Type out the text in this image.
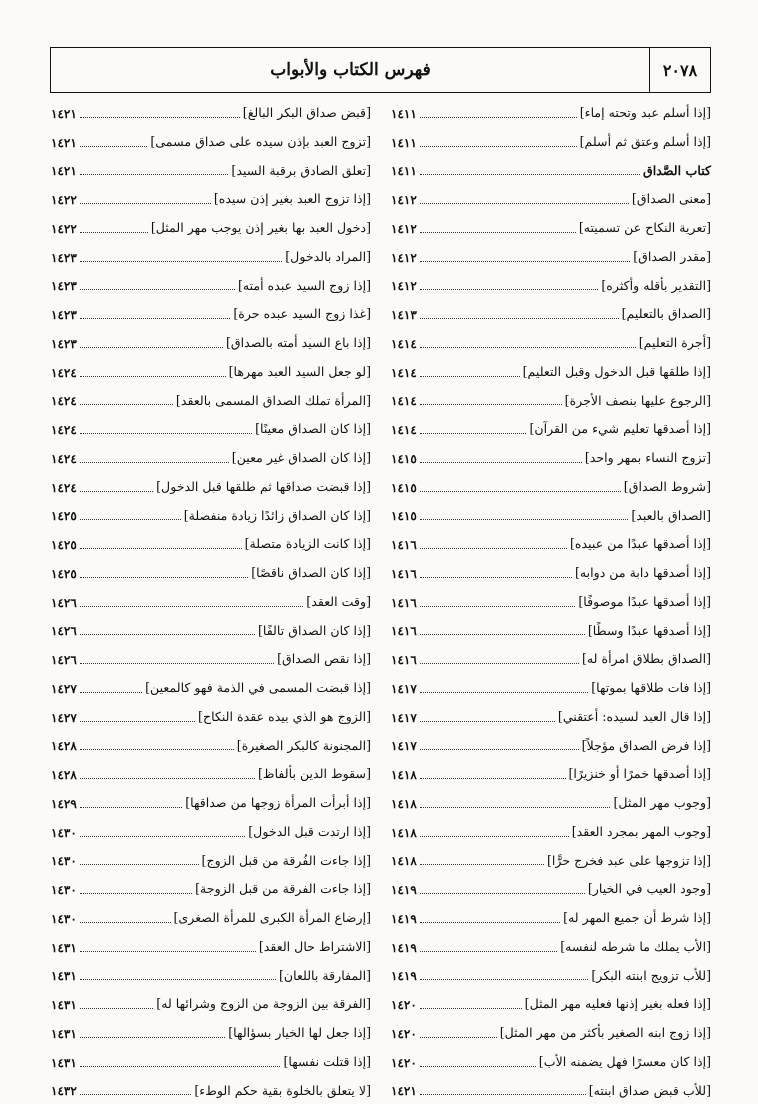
٢٠٧٨
فهرس الكتاب والأبواب
[إذا أسلم عبد وتحته إماء]
١٤١١
[إذا أسلم وعتق ثم أسلم]
١٤١١
كتاب الصَّداق
١٤١١
[معنى الصداق]
١٤١٢
[تعرية النكاح عن تسميته]
١٤١٢
[مقدر الصداق]
١٤١٢
[التقدير بأقله وأكثره]
١٤١٢
[الصداق بالتعليم]
١٤١٣
[أجرة التعليم]
١٤١٤
[إذا طلقها قبل الدخول وقبل التعليم]
١٤١٤
[الرجوع عليها بنصف الأجرة]
١٤١٤
[إذا أصدقها تعليم شيء من القرآن]
١٤١٤
[تزوج النساء بمهر واحد]
١٤١٥
[شروط الصداق]
١٤١٥
[الصداق بالعبد]
١٤١٥
[إذا أصدقها عبدًا من عبيده]
١٤١٦
[إذا أصدقها دابة من دوابه]
١٤١٦
[إذا أصدقها عبدًا موصوفًا]
١٤١٦
[إذا أصدقها عبدًا وسطًا]
١٤١٦
[الصداق بطلاق امرأة له]
١٤١٦
[إذا فات طلاقها بموتها]
١٤١٧
[إذا قال العبد لسيده: أعتقني]
١٤١٧
[إذا فرض الصداق مؤجلاً]
١٤١٧
[إذا أصدقها خمرًا أو خنزيرًا]
١٤١٨
[وجوب مهر المثل]
١٤١٨
[وجوب المهر بمجرد العقد]
١٤١٨
[إذا تزوجها على عبد فخرج حرًّا]
١٤١٨
[وجود العيب في الخيار]
١٤١٩
[إذا شرط أن جميع المهر له]
١٤١٩
[الأب يملك ما شرطه لنفسه]
١٤١٩
[للأب تزويج ابنته البكر]
١٤١٩
[إذا فعله بغير إذنها فعليه مهر المثل]
١٤٢٠
[إذا زوج ابنه الصغير بأكثر من مهر المثل]
١٤٢٠
[إذا كان معسرًا فهل يضمنه الأب]
١٤٢٠
[للأب قبض صداق ابنته]
١٤٢١
[قبض صداق البكر البالغ]
١٤٢١
[تزوج العبد بإذن سيده على صداق مسمى]
١٤٢١
[تعلق الصادق برقبة السيد]
١٤٢١
[إذا تزوج العبد بغير إذن سيده]
١٤٢٢
[دخول العبد بها بغير إذن يوجب مهر المثل]
١٤٢٢
[المراد بالدخول]
١٤٢٣
[إذا زوج السيد عبده أمته]
١٤٢٣
[غذا زوج السيد عبده حرة]
١٤٢٣
[إذا باع السيد أمته بالصداق]
١٤٢٣
[لو جعل السيد العبد مهرها]
١٤٢٤
[المرأة تملك الصداق المسمى بالعقد]
١٤٢٤
[إذا كان الصداق معينًا]
١٤٢٤
[إذا كان الصداق غير معين]
١٤٢٤
[إذا قبضت صداقها ثم طلقها قبل الدخول]
١٤٢٤
[إذا كان الصداق زائدًا زيادة منفصلة]
١٤٢٥
[إذا كانت الزيادة متصلة]
١٤٢٥
[إذا كان الصداق ناقصًا]
١٤٢٥
[وقت العقد]
١٤٢٦
[إذا كان الصداق تالفًا]
١٤٢٦
[إذا نقص الصداق]
١٤٢٦
[إذا قبضت المسمى في الذمة فهو كالمعين]
١٤٢٧
[الزوج هو الذي بيده عقدة النكاح]
١٤٢٧
[المجنونة كالبكر الصغيرة]
١٤٢٨
[سقوط الدين بألفاظ]
١٤٢٨
[إذا أبرأت المرأة زوجها من صداقها]
١٤٢٩
[إذا ارتدت قبل الدخول]
١٤٣٠
[إذا جاءت الفُرقة من قبل الزوج]
١٤٣٠
[إذا جاءت الفرقة من قبل الزوجة]
١٤٣٠
[إرضاع المرأة الكبرى للمرأة الصغرى]
١٤٣٠
[الاشتراط حال العقد]
١٤٣١
[المفارقة باللعان]
١٤٣١
[الفرقة بين الزوجة من الزوج وشرائها له]
١٤٣١
[إذا جعل لها الخيار بسؤالها]
١٤٣١
[إذا قتلت نفسها]
١٤٣١
[لا يتعلق بالخلوة بقية حكم الوطء]
١٤٣٢
